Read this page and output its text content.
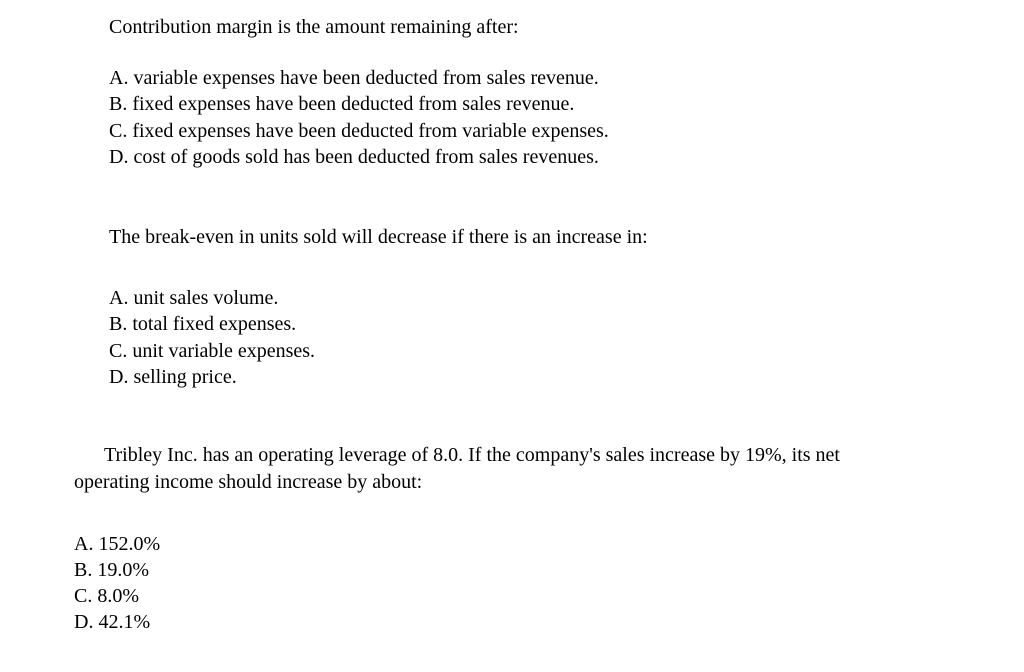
Contribution margin is the amount remaining after:
A. variable expenses have been deducted from sales revenue.
B. fixed expenses have been deducted from sales revenue.
C. fixed expenses have been deducted from variable expenses.
D. cost of goods sold has been deducted from sales revenues.
The break-even in units sold will decrease if there is an increase in:
A. unit sales volume.
B. total fixed expenses.
C. unit variable expenses.
D. selling price.
Tribley Inc. has an operating leverage of 8.0. If the company's sales increase by 19%, its net
operating income should increase by about:
A. 152.0%
B. 19.0%
C. 8.0%
D. 42.1%
